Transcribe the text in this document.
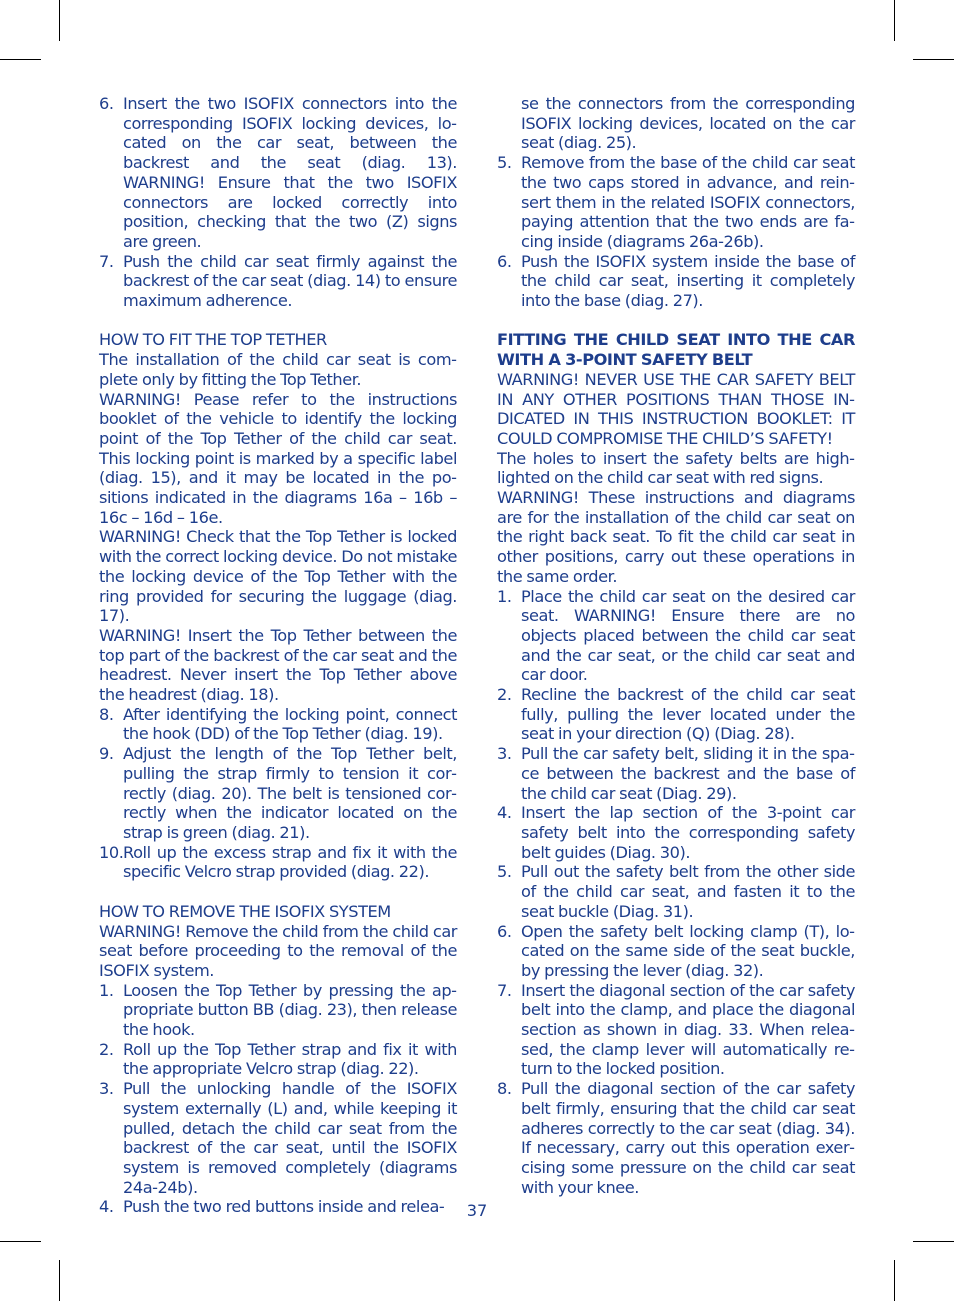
6. Insert the two ISOFIX connectors into the corresponding ISOFIX locking devices, located on the car seat, between the backrest and the seat (diag. 13). WARNING! Ensure that the two ISOFIX connectors are locked correctly into position, checking that the two (Z) signs are green.
7. Push the child car seat firmly against the backrest of the car seat (diag. 14) to ensure maximum adherence.
HOW TO FIT THE TOP TETHER

The installation of the child car seat is complete only by fitting the Top Tether.

WARNING! Pease refer to the instructions booklet of the vehicle to identify the locking point of the Top Tether of the child car seat. This locking point is marked by a specific label (diag. 15), and it may be located in the positions indicated in the diagrams 16a – 16b – 16c – 16d – 16e.

WARNING! Check that the Top Tether is locked with the correct locking device. Do not mistake the locking device of the Top Tether with the ring provided for securing the luggage (diag. 17).

WARNING! Insert the Top Tether between the top part of the backrest of the car seat and the headrest. Never insert the Top Tether above the headrest (diag. 18).

8. After identifying the locking point, connect the hook (DD) of the Top Tether (diag. 19).
9. Adjust the length of the Top Tether belt, pulling the strap firmly to tension it correctly (diag. 20). The belt is tensioned correctly when the indicator located on the strap is green (diag. 21).
10. Roll up the excess strap and fix it with the specific Velcro strap provided (diag. 22).
HOW TO REMOVE THE ISOFIX SYSTEM

WARNING! Remove the child from the child car seat before proceeding to the removal of the ISOFIX system.

1. Loosen the Top Tether by pressing the appropriate button BB (diag. 23), then release the hook.
2. Roll up the Top Tether strap and fix it with the appropriate Velcro strap (diag. 22).
3. Pull the unlocking handle of the ISOFIX system externally (L) and, while keeping it pulled, detach the child car seat from the backrest of the car seat, until the ISOFIX system is removed completely (diagrams 24a-24b).
4. Push the two red buttons inside and relea-
se the connectors from the corresponding ISOFIX locking devices, located on the car seat (diag. 25).
5. Remove from the base of the child car seat the two caps stored in advance, and reinsert them in the related ISOFIX connectors, paying attention that the two ends are facing inside (diagrams 26a-26b).
6. Push the ISOFIX system inside the base of the child car seat, inserting it completely into the base (diag. 27).
FITTING THE CHILD SEAT INTO THE CAR WITH A 3-POINT SAFETY BELT

WARNING! NEVER USE THE CAR SAFETY BELT IN ANY OTHER POSITIONS THAN THOSE INDICATED IN THIS INSTRUCTION BOOKLET: IT COULD COMPROMISE THE CHILD’S SAFETY!

The holes to insert the safety belts are highlighted on the child car seat with red signs.

WARNING! These instructions and diagrams are for the installation of the child car seat on the right back seat. To fit the child car seat in other positions, carry out these operations in the same order.

1. Place the child car seat on the desired car seat. WARNING! Ensure there are no objects placed between the child car seat and the car seat, or the child car seat and car door.
2. Recline the backrest of the child car seat fully, pulling the lever located under the seat in your direction (Q) (Diag. 28).
3. Pull the car safety belt, sliding it in the space between the backrest and the base of the child car seat (Diag. 29).
4. Insert the lap section of the 3-point car safety belt into the corresponding safety belt guides (Diag. 30).
5. Pull out the safety belt from the other side of the child car seat, and fasten it to the seat buckle (Diag. 31).
6. Open the safety belt locking clamp (T), located on the same side of the seat buckle, by pressing the lever (diag. 32).
7. Insert the diagonal section of the car safety belt into the clamp, and place the diagonal section as shown in diag. 33. When released, the clamp lever will automatically return to the locked position.
8. Pull the diagonal section of the car safety belt firmly, ensuring that the child car seat adheres correctly to the car seat (diag. 34). If necessary, carry out this operation exercising some pressure on the child car seat with your knee.
37
